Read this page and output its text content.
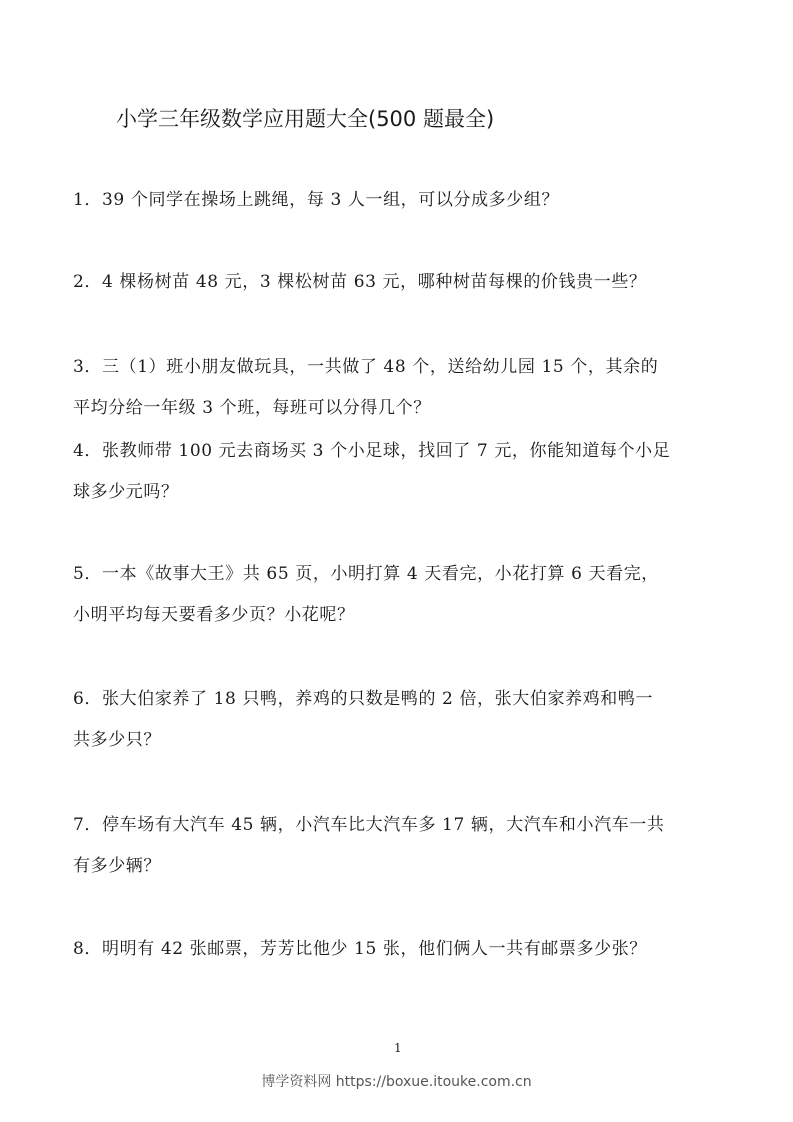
小学三年级数学应用题大全(500 题最全)
1．39 个同学在操场上跳绳，每 3 人一组，可以分成多少组？
2．4 棵杨树苗 48 元，3 棵松树苗 63 元，哪种树苗每棵的价钱贵一些？
3．三（1）班小朋友做玩具，一共做了 48 个，送给幼儿园 15 个，其余的
平均分给一年级 3 个班，每班可以分得几个？
4．张教师带 100 元去商场买 3 个小足球，找回了 7 元，你能知道每个小足
球多少元吗？
5．一本《故事大王》共 65 页，小明打算 4 天看完，小花打算 6 天看完，
小明平均每天要看多少页？小花呢？
6．张大伯家养了 18 只鸭，养鸡的只数是鸭的 2 倍，张大伯家养鸡和鸭一
共多少只？
7．停车场有大汽车 45 辆，小汽车比大汽车多 17 辆，大汽车和小汽车一共
有多少辆？
8．明明有 42 张邮票，芳芳比他少 15 张，他们俩人一共有邮票多少张？
1
博学资料网 https://boxue.itouke.com.cn
